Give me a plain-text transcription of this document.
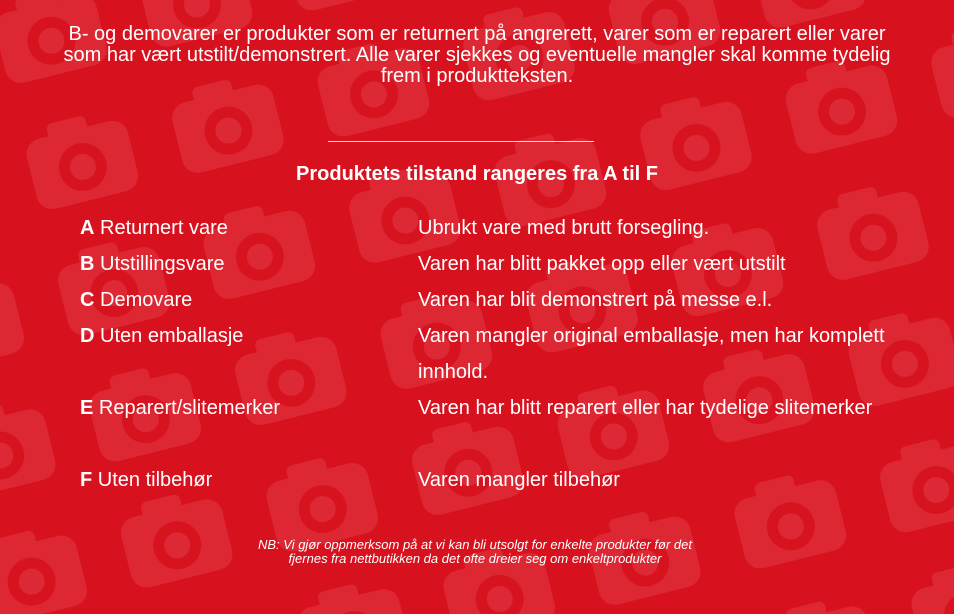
B- og demovarer er produkter som er returnert på angrerett, varer som er reparert eller varer som har vært utstilt/demonstrert. Alle varer sjekkes og eventuelle mangler skal komme tydelig frem i produktteksten.
Produktets tilstand rangeres fra A til F
A Returnert vare	Ubrukt vare med brutt forsegling.
B Utstillingsvare	Varen har blitt pakket opp eller vært utstilt
C Demovare	Varen har blit demonstrert på messe e.l.
D Uten emballasje	Varen mangler original emballasje, men har komplett innhold.
E Reparert/slitemerker	Varen har blitt reparert eller har tydelige slitemerker
F Uten tilbehør	Varen mangler tilbehør
NB: Vi gjør oppmerksom på at vi kan bli utsolgt for enkelte produkter før det fjernes fra nettbutikken da det ofte dreier seg om enkeltprodukter
